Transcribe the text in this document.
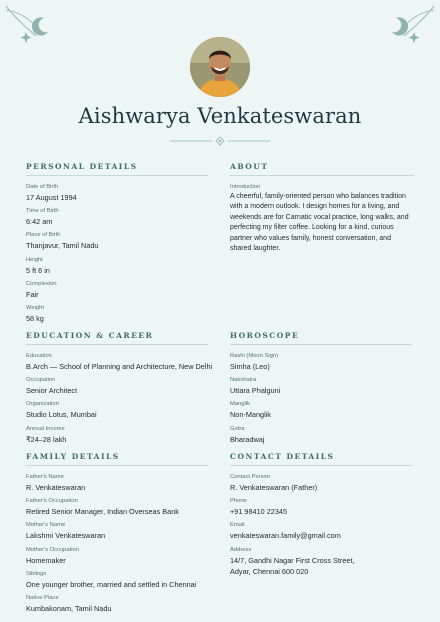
Aishwarya Venkateswaran
PERSONAL DETAILS
Date of Birth
17 August 1994
Time of Birth
6:42 am
Place of Birth
Thanjavur, Tamil Nadu
Height
5 ft 6 in
Complexion
Fair
Weight
58 kg
ABOUT
Introduction
A cheerful, family-oriented person who balances tradition with a modern outlook. I design homes for a living, and weekends are for Carnatic vocal practice, long walks, and perfecting my filter coffee. Looking for a kind, curious partner who values family, honest conversation, and shared laughter.
EDUCATION & CAREER
Education
B.Arch — School of Planning and Architecture, New Delhi
Occupation
Senior Architect
Organization
Studio Lotus, Mumbai
Annual Income
₹24–28 lakh
HOROSCOPE
Rashi (Moon Sign)
Simha (Leo)
Nakshatra
Uttara Phalguni
Manglik
Non-Manglik
Gotra
Bharadwaj
FAMILY DETAILS
Father's Name
R. Venkateswaran
Father's Occupation
Retired Senior Manager, Indian Overseas Bank
Mother's Name
Lakshmi Venkateswaran
Mother's Occupation
Homemaker
Siblings
One younger brother, married and settled in Chennai
Native Place
Kumbakonam, Tamil Nadu
CONTACT DETAILS
Contact Person
R. Venkateswaran (Father)
Phone
+91 98410 22345
Email
venkateswaran.family@gmail.com
Address
14/7, Gandhi Nagar First Cross Street, Adyar, Chennai 600 020
